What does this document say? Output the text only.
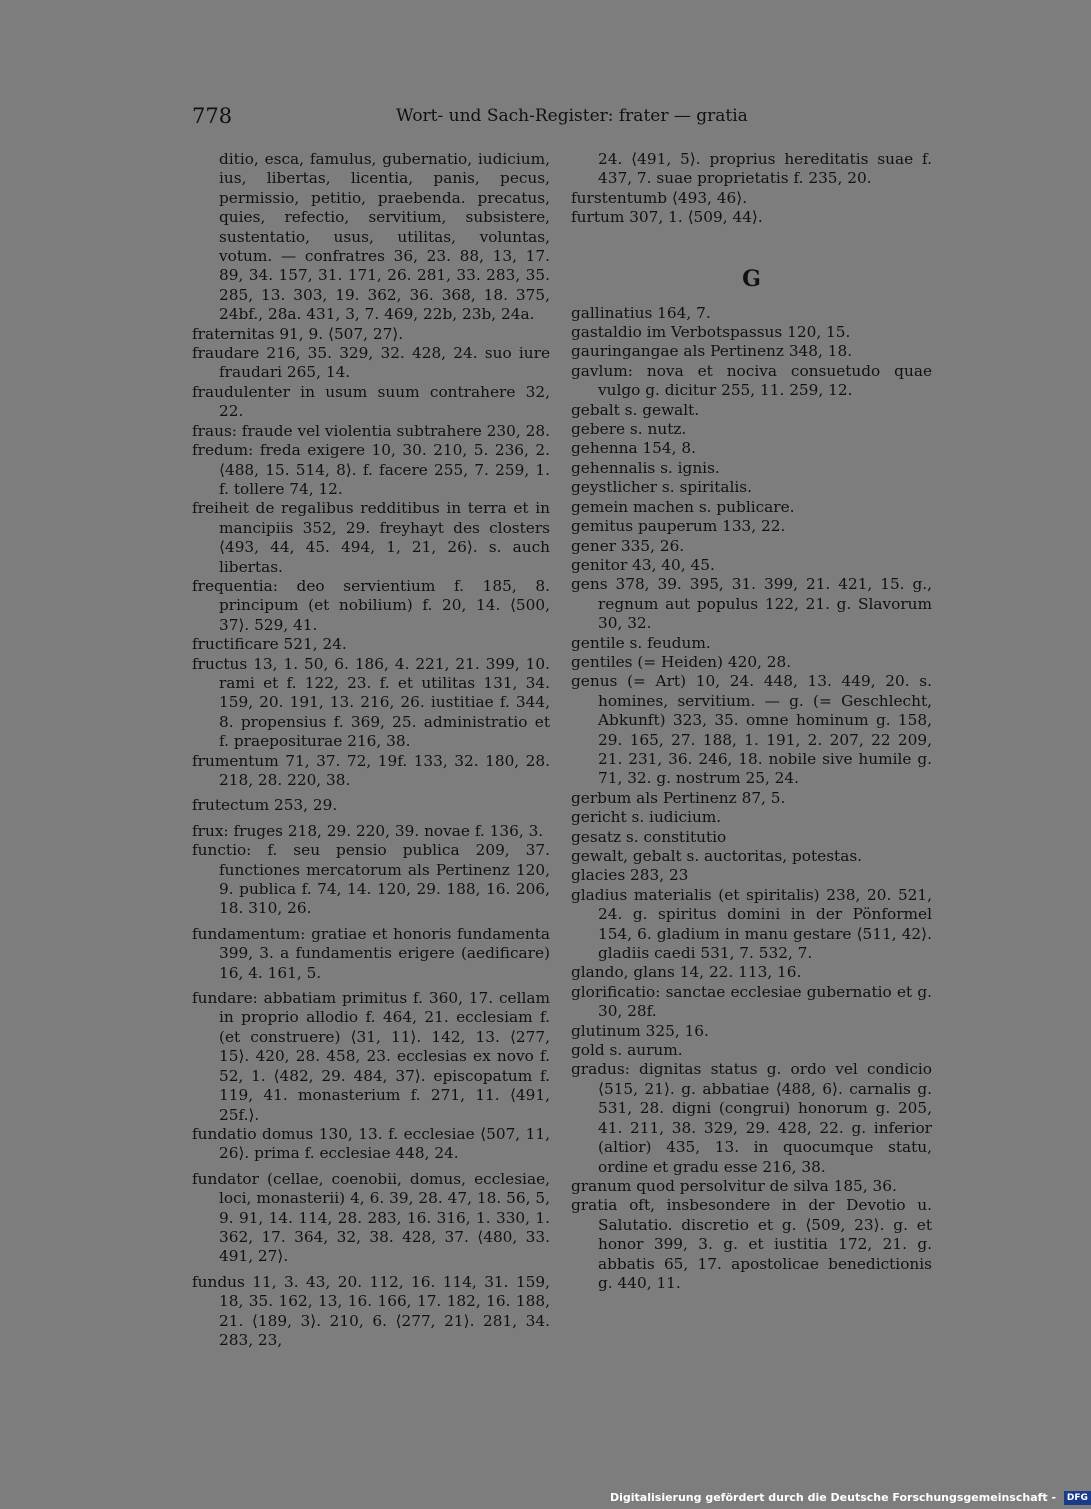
778	Wort- und Sach-Register: frater — gratia

ditio, esca, famulus, gubernatio, iudicium, ius, libertas, licentia, panis, pecus, permissio, petitio, praebenda. precatus, quies, refectio, servitium, subsistere, sustentatio, usus, utilitas, voluntas, votum. — confratres 36, 23. 88, 13, 17. 89, 34. 157, 31. 171, 26. 281, 33. 283, 35. 285, 13. 303, 19. 362, 36. 368, 18. 375, 24bf., 28a. 431, 3, 7. 469, 22b, 23b, 24a.

fraternitas 91, 9. ⟨507, 27⟩.

fraudare 216, 35. 329, 32. 428, 24. suo iure fraudari 265, 14.

fraudulenter in usum suum contrahere 32, 22.

fraus: fraude vel violentia subtrahere 230, 28.

fredum: freda exigere 10, 30. 210, 5. 236, 2. ⟨488, 15. 514, 8⟩. f. facere 255, 7. 259, 1. f. tollere 74, 12.

freiheit de regalibus redditibus in terra et in mancipiis 352, 29. freyhayt des closters ⟨493, 44, 45. 494, 1, 21, 26⟩. s. auch libertas.

frequentia: deo servientium f. 185, 8. principum (et nobilium) f. 20, 14. ⟨500, 37⟩. 529, 41.

fructificare 521, 24.

fructus 13, 1. 50, 6. 186, 4. 221, 21. 399, 10. rami et f. 122, 23. f. et utilitas 131, 34. 159, 20. 191, 13. 216, 26. iustitiae f. 344, 8. propensius f. 369, 25. administratio et f. praeposituraе 216, 38.

frumentum 71, 37. 72, 19f. 133, 32. 180, 28. 218, 28. 220, 38.

frutectum 253, 29.

frux: fruges 218, 29. 220, 39. novae f. 136, 3.

functio: f. seu pensio publica 209, 37. functiones mercatorum als Pertinenz 120, 9. publica f. 74, 14. 120, 29. 188, 16. 206, 18. 310, 26.

fundamentum: gratiae et honoris fundamenta 399, 3. a fundamentis erigere (aedificare) 16, 4. 161, 5.

fundare: abbatiam primitus f. 360, 17. cellam in proprio allodio f. 464, 21. ecclesiam f. (et construere) ⟨31, 11⟩. 142, 13. ⟨277, 15⟩. 420, 28. 458, 23. ecclesias ex novo f. 52, 1. ⟨482, 29. 484, 37⟩. episcopatum f. 119, 41. monasterium f. 271, 11. ⟨491, 25f.⟩.

fundatio domus 130, 13. f. ecclesiae ⟨507, 11, 26⟩. prima f. ecclesiae 448, 24.

fundator (cellae, coenobii, domus, ecclesiae, loci, monasterii) 4, 6. 39, 28. 47, 18. 56, 5, 9. 91, 14. 114, 28. 283, 16. 316, 1. 330, 1. 362, 17. 364, 32, 38. 428, 37. ⟨480, 33. 491, 27⟩.

fundus 11, 3. 43, 20. 112, 16. 114, 31. 159, 18, 35. 162, 13, 16. 166, 17. 182, 16. 188, 21. ⟨189, 3⟩. 210, 6. ⟨277, 21⟩. 281, 34. 283, 23,

24. ⟨491, 5⟩. proprius hereditatis suae f. 437, 7. suae proprietatis f. 235, 20.

furstentumb ⟨493, 46⟩.

furtum 307, 1. ⟨509, 44⟩.

G

gallinatius 164, 7.

gastaldio im Verbotspassus 120, 15.

gauringangae als Pertinenz 348, 18.

gavlum: nova et nociva consuetudo quae vulgo g. dicitur 255, 11. 259, 12.

gebalt s. gewalt.

gebere s. nutz.

gehenna 154, 8.

gehennalis s. ignis.

geystlicher s. spiritalis.

gemein machen s. publicare.

gemitus pauperum 133, 22.

gener 335, 26.

genitor 43, 40, 45.

gens 378, 39. 395, 31. 399, 21. 421, 15. g., regnum aut populus 122, 21. g. Slavorum 30, 32.

gentile s. feudum.

gentiles (= Heiden) 420, 28.

genus (= Art) 10, 24. 448, 13. 449, 20. s. homines, servitium. — g. (= Geschlecht, Abkunft) 323, 35. omne hominum g. 158, 29. 165, 27. 188, 1. 191, 2. 207, 22 209, 21. 231, 36. 246, 18. nobile sive humile g. 71, 32. g. nostrum 25, 24.

gerbum als Pertinenz 87, 5.

gericht s. iudicium.

gesatz s. constitutio

gewalt, gebalt s. auctoritas, potestas.

glacies 283, 23

gladius materialis (et spiritalis) 238, 20. 521, 24. g. spiritus domini in der Pönformel 154, 6. gladium in manu gestare ⟨511, 42⟩. gladiis caedi 531, 7. 532, 7.

glando, glans 14, 22. 113, 16.

glorificatio: sanctae ecclesiae gubernatio et g. 30, 28f.

glutinum 325, 16.

gold s. aurum.

gradus: dignitas status g. ordo vel condicio ⟨515, 21⟩. g. abbatiae ⟨488, 6⟩. carnalis g. 531, 28. digni (congrui) honorum g. 205, 41. 211, 38. 329, 29. 428, 22. g. inferior (altior) 435, 13. in quocumque statu, ordine et gradu esse 216, 38.

granum quod persolvitur de silva 185, 36.

gratia oft, insbesondere in der Devotio u. Salutatio. discretio et g. ⟨509, 23⟩. g. et honor 399, 3. g. et iustitia 172, 21. g. abbatis 65, 17. apostolicae benedictionis g. 440, 11.

Digitalisierung gefördert durch die Deutsche Forschungsgemeinschaft - DFG
